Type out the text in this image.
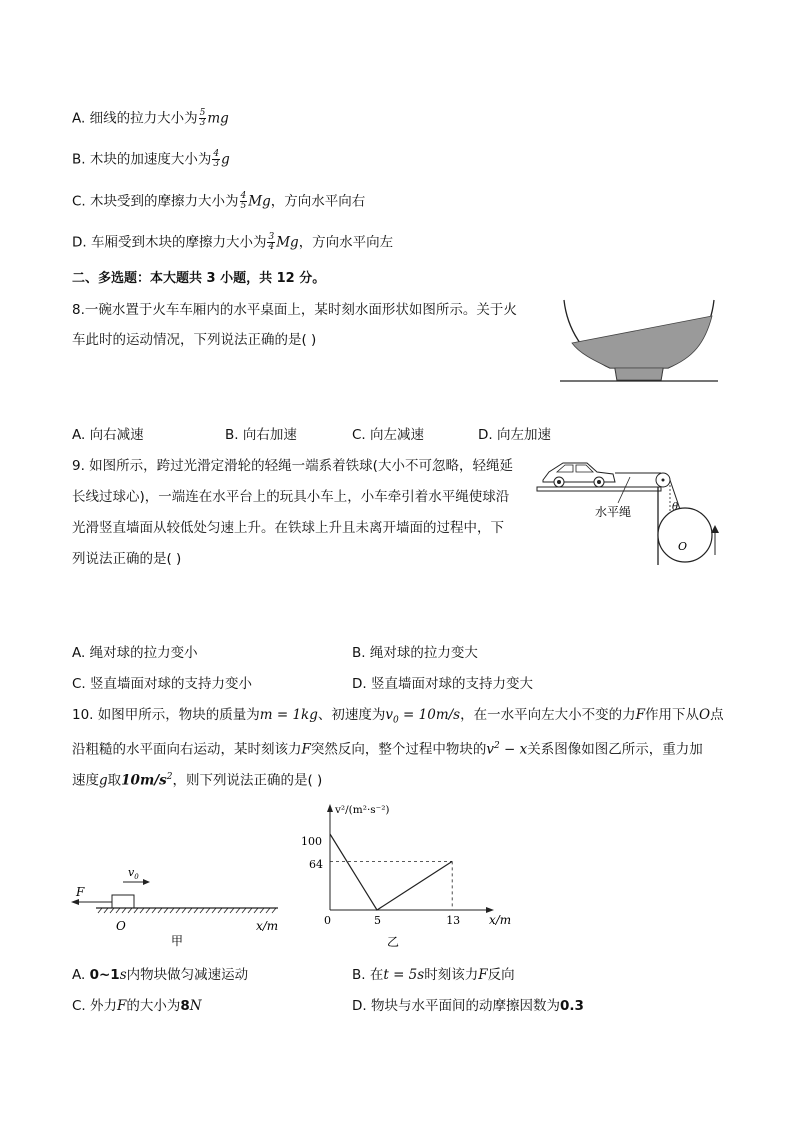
A. 细线的拉力大小为 $\frac{5}{3}$ mg
B. 木块的加速度大小为 $\frac{4}{3}$ g
C. 木块受到的摩擦力大小为 $\frac{4}{5}$ Mg，方向水平向右
D. 车厢受到木块的摩擦力大小为 $\frac{3}{4}$ Mg，方向水平向左
二、多选题：本大题共 3 小题，共 12 分。
8.一碗水置于火车车厢内的水平桌面上，某时刻水面形状如图所示。关于火
车此时的运动情况，下列说法正确的是( )
A. 向右减速	B. 向右加速	C. 向左减速	D. 向左加速
9. 如图所示，跨过光滑定滑轮的轻绳一端系着铁球(大小不可忽略，轻绳延
长线过球心)，一端连在水平台上的玩具小车上，小车牵引着水平绳使球沿
光滑竖直墙面从较低处匀速上升。在铁球上升且未离开墙面的过程中，下
列说法正确的是( )
水平绳	θ
O
A. 绳对球的拉力变小	B. 绳对球的拉力变大
C. 竖直墙面对球的支持力变小	D. 竖直墙面对球的支持力变大
10. 如图甲所示，物块的质量为m = 1kg、初速度为$v_0 = 10m/s$，在一水平向左大小不变的力F作用下从O点
沿粗糙的水平面向右运动，某时刻该力F突然反向，整个过程中物块的$v^2 - x$关系图像如图乙所示，重力加
速度g取$10m/s^2$，则下列说法正确的是( )
$v_0$
F
O	x/m
甲
v²/(m²·s⁻²)
x/m
0
100
64
5	13
乙
A. 0~1s内物块做匀减速运动	B. 在t = 5s时刻该力F反向
C. 外力F的大小为8N	D. 物块与水平面间的动摩擦因数为0.3
